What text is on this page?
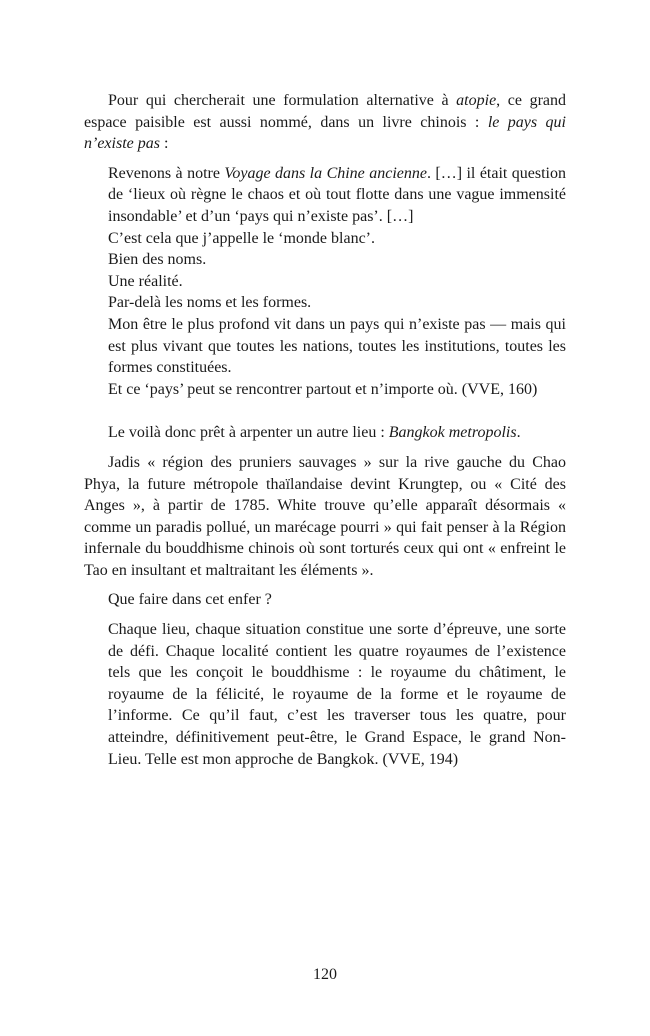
Pour qui chercherait une formulation alternative à atopie, ce grand espace paisible est aussi nommé, dans un livre chinois : le pays qui n’existe pas :

Revenons à notre Voyage dans la Chine ancienne. […] il était question de ‘lieux où règne le chaos et où tout flotte dans une vague immensité insondable’ et d’un ‘pays qui n’existe pas’. […]

C’est cela que j’appelle le ‘monde blanc’.

Bien des noms.

Une réalité.

Par-delà les noms et les formes.

Mon être le plus profond vit dans un pays qui n’existe pas — mais qui est plus vivant que toutes les nations, toutes les institutions, toutes les formes constituées.

Et ce ‘pays’ peut se rencontrer partout et n’importe où. (VVE, 160)

Le voilà donc prêt à arpenter un autre lieu : Bangkok metropolis.

Jadis « région des pruniers sauvages » sur la rive gauche du Chao Phya, la future métropole thaïlandaise devint Krungtep, ou « Cité des Anges », à partir de 1785. White trouve qu’elle apparaît désormais « comme un paradis pollué, un marécage pourri » qui fait penser à la Région infernale du bouddhisme chinois où sont torturés ceux qui ont « enfreint le Tao en insultant et maltraitant les éléments ».

Que faire dans cet enfer ?

Chaque lieu, chaque situation constitue une sorte d’épreuve, une sorte de défi. Chaque localité contient les quatre royaumes de l’existence tels que les conçoit le bouddhisme : le royaume du châtiment, le royaume de la félicité, le royaume de la forme et le royaume de l’informe. Ce qu’il faut, c’est les traverser tous les quatre, pour atteindre, définitivement peut-être, le Grand Espace, le grand Non-Lieu. Telle est mon approche de Bangkok. (VVE, 194)

120
